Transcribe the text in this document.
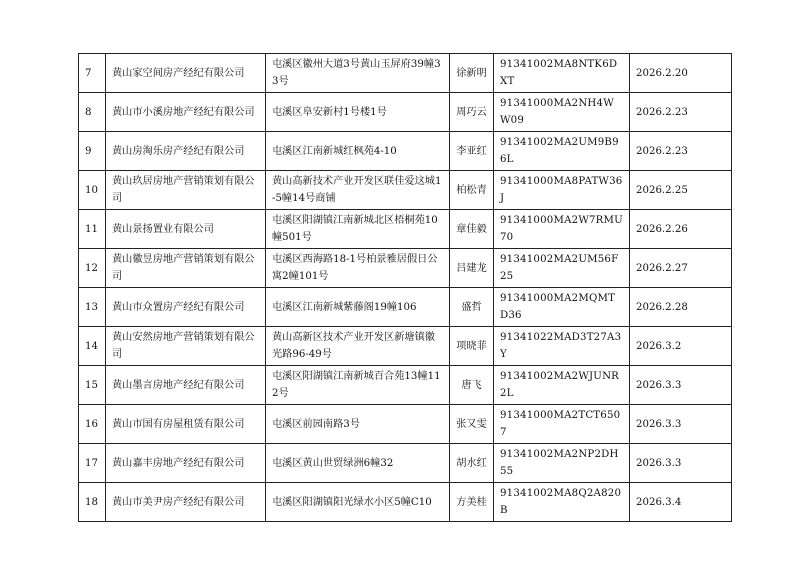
7	黄山家空间房产经纪有限公司	屯溪区徽州大道3号黄山玉屏府39幢33号	徐新明	91341002MA8NTK6DXT	2026.2.20
8	黄山市小溪房地产经纪有限公司	屯溪区阜安新村1号楼1号	周巧云	91341000MA2NH4WW09	2026.2.23
9	黄山房淘乐房产经纪有限公司	屯溪区江南新城红枫苑4-10	李亚红	91341002MA2UM9B96L	2026.2.23
10	黄山玖居房地产营销策划有限公司	黄山高新技术产业开发区联佳爱这城1-5幢14号商铺	柏松青	91341000MA8PATW36J	2026.2.25
11	黄山景扬置业有限公司	屯溪区阳湖镇江南新城北区梧桐苑10幢501号	章佳毅	91341000MA2W7RMU70	2026.2.26
12	黄山徽昱房地产营销策划有限公司	屯溪区西海路18-1号柏景雅居假日公寓2幢101号	吕建龙	91341002MA2UM56F25	2026.2.27
13	黄山市众置房产经纪有限公司	屯溪区江南新城紫藤阁19幢106	盛哲	91341000MA2MQMTD36	2026.2.28
14	黄山安然房地产营销策划有限公司	黄山高新区技术产业开发区新塘镇徽光路96-49号	项晓菲	91341022MAD3T27A3Y	2026.3.2
15	黄山墨言房地产经纪有限公司	屯溪区阳湖镇江南新城百合苑13幢112号	唐飞	91341002MA2WJUNR2L	2026.3.3
16	黄山市国有房屋租赁有限公司	屯溪区前园南路3号	张又雯	91341000MA2TCT6507	2026.3.3
17	黄山嘉丰房地产经纪有限公司	屯溪区黄山世贸绿洲6幢32	胡水红	91341002MA2NP2DH55	2026.3.3
18	黄山市美尹房产经纪有限公司	屯溪区阳湖镇阳光绿水小区5幢C10	方美桂	91341002MA8Q2A820B	2026.3.4
